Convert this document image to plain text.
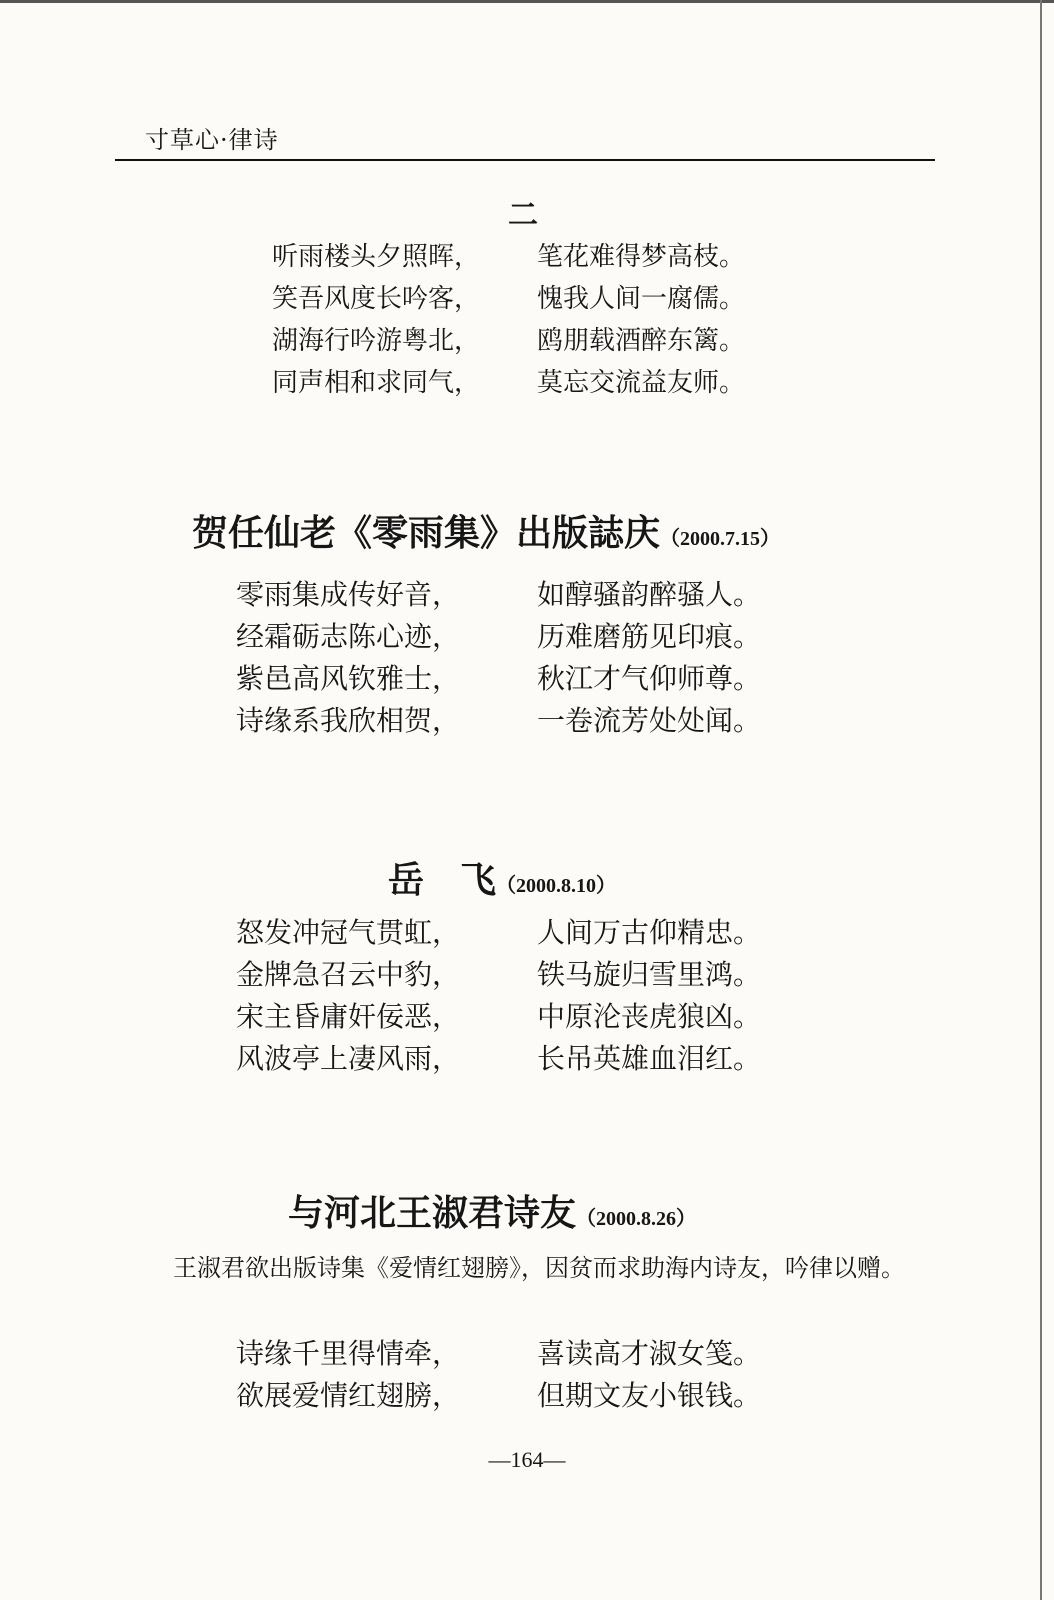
寸草心·律诗
二
听雨楼头夕照晖， 笔花难得梦高枝。
笑吾风度长吟客， 愧我人间一腐儒。
湖海行吟游粤北， 鸥朋载酒醉东篱。
同声相和求同气， 莫忘交流益友师。
贺任仙老《零雨集》出版誌庆（2000.7.15）
零雨集成传好音，	如醇骚韵醉骚人。
经霜砺志陈心迹，	历难磨筋见印痕。
紫邑高风钦雅士，	秋江才气仰师尊。
诗缘系我欣相贺，	一卷流芳处处闻。
岳　飞（2000.8.10）
怒发冲冠气贯虹，	人间万古仰精忠。
金牌急召云中豹，	铁马旋归雪里鸿。
宋主昏庸奸佞恶，	中原沦丧虎狼凶。
风波亭上凄风雨，	长吊英雄血泪红。
与河北王淑君诗友（2000.8.26）
王淑君欲出版诗集《爱情红翅膀》，因贫而求助海内诗友，吟律以赠。
诗缘千里得情牵，	喜读高才淑女笺。
欲展爱情红翅膀，	但期文友小银钱。
—164—
